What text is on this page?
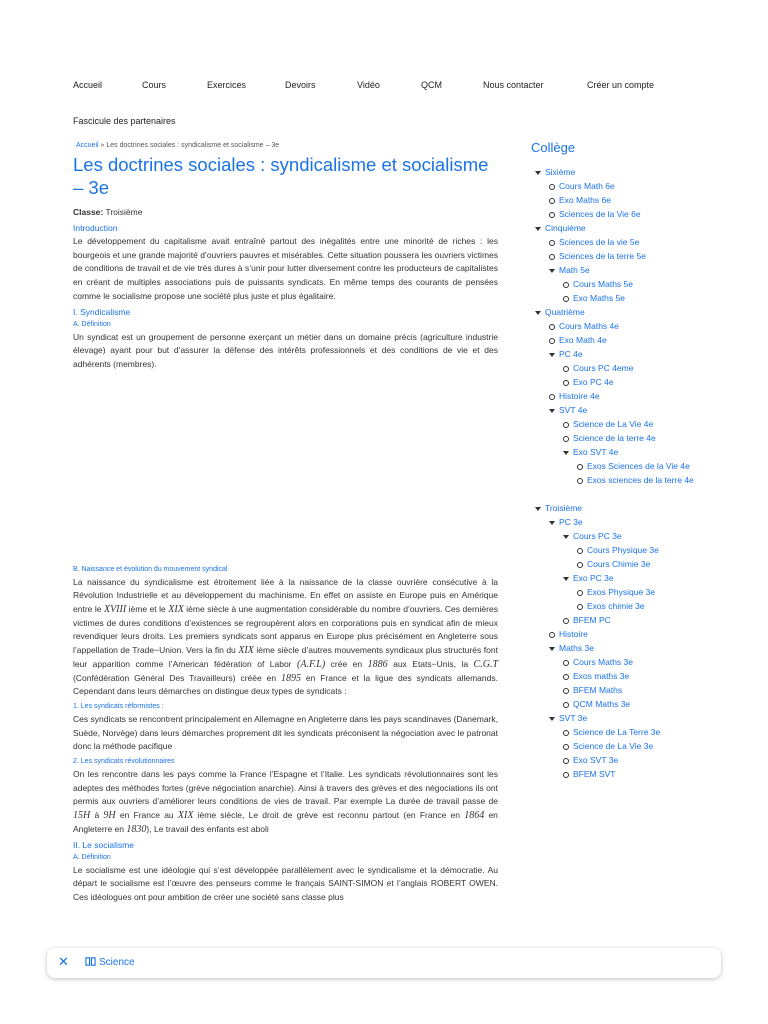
Accueil	Cours	Exercices	Devoirs	Vidéo	QCM	Nous contacter	Créer un compte
Fascicule des partenaires
Accueil » Les doctrines sociales : syndicalisme et socialisme – 3e
Les doctrines sociales : syndicalisme et socialisme – 3e
Classe: Troisième
Introduction

Le développement du capitalisme avait entraîné partout des inégalités entre une minorité de riches : les bourgeois et une grande majorité d’ouvriers pauvres et misérables. Cette situation poussera les ouvriers victimes de conditions de travail et de vie très dures à s’unir pour lutter diversement contre les producteurs de capitalistes en créant de multiples associations puis de puissants syndicats. En même temps des courants de pensées comme le socialisme propose une société plus juste et plus égalitaire.

I. Syndicalisme
A. Définition

Un syndicat est un groupement de personne exerçant un métier dans un domaine précis (agriculture industrie élevage) ayant pour but d’assurer la défense des intérêts professionnels et des conditions de vie et des adhérents (membres).

B. Naissance et évolution du mouvement syndical

La naissance du syndicalisme est étroitement liée à la naissance de la classe ouvrière consécutive à la Révolution Industrielle et au développement du machinisme. En effet on assiste en Europe puis en Amérique entre le XVIII ième et le XIX ième siècle à une augmentation considérable du nombre d’ouvriers. Ces dernières victimes de dures conditions d’existences se regroupèrent alors en corporations puis en syndicat afin de mieux revendiquer leurs droits. Les premiers syndicats sont apparus en Europe plus précisément en Angleterre sous l’appellation de Trade−Union. Vers la fin du XIX ième siècle d’autres mouvements syndicaux plus structurés font leur apparition comme l’American fédération of Labor (A.F.L) crée en 1886 aux Etats−Unis, la C.G.T (Confédération Général Des Travailleurs) créée en 1895 en France et la ligue des syndicats allemands. Cependant dans leurs démarches on distingue deux types de syndicats :

1. Les syndicats réformistes :

Ces syndicats se rencontrent principalement en Allemagne en Angleterre dans les pays scandinaves (Danemark, Suède, Norvège) dans leurs démarches proprement dit les syndicats préconisent la négociation avec le patronat donc la méthode pacifique

2. Les syndicats révolutionnaires

On les rencontre dans les pays comme la France l’Espagne et l’Italie. Les syndicats révolutionnaires sont les adeptes des méthodes fortes (grève négociation anarchie). Ainsi à travers des grèves et des négociations ils ont permis aux ouvriers d’améliorer leurs conditions de vies de travail. Par exemple La durée de travail passe de 15H à 9H en France au XIX ième siècle, Le droit de grève est reconnu partout (en France en 1864 en Angleterre en 1830), Le travail des enfants est aboli

II. Le socialisme
A. Définition

Le socialisme est une idéologie qui s’est développée parallèlement avec le syndicalisme et la démocratie. Au départ le socialisme est l’œuvre des penseurs comme le français SAINT-SIMON et l’anglais ROBERT OWEN. Ces idéologues ont pour ambition de créer une société sans classe plus

Collège
Sixième
Cours Math 6e
Exo Maths 6e
Sciences de la Vie 6e
Cinquième
Sciences de la vie 5e
Sciences de la terre 5e
Math 5e
Cours Maths 5e
Exo Maths 5e
Quatrième
Cours Maths 4e
Exo Math 4e
PC 4e
Cours PC 4eme
Exo PC 4e
Histoire 4e
SVT 4e
Science de La Vie 4e
Science de la terre 4e
Exo SVT 4e
Exos Sciences de la Vie 4e
Exos sciences de la terre 4e
Troisième
PC 3e
Cours PC 3e
Cours Physique 3e
Cours Chimie 3e
Exo PC 3e
Exos Physique 3e
Exos chimie 3e
BFEM PC
Histoire
Maths 3e
Cours Maths 3e
Exos maths 3e
BFEM Maths
QCM Maths 3e
SVT 3e
Science de La Terre 3e
Science de La Vie 3e
Exo SVT 3e
BFEM SVT
✕	Science
